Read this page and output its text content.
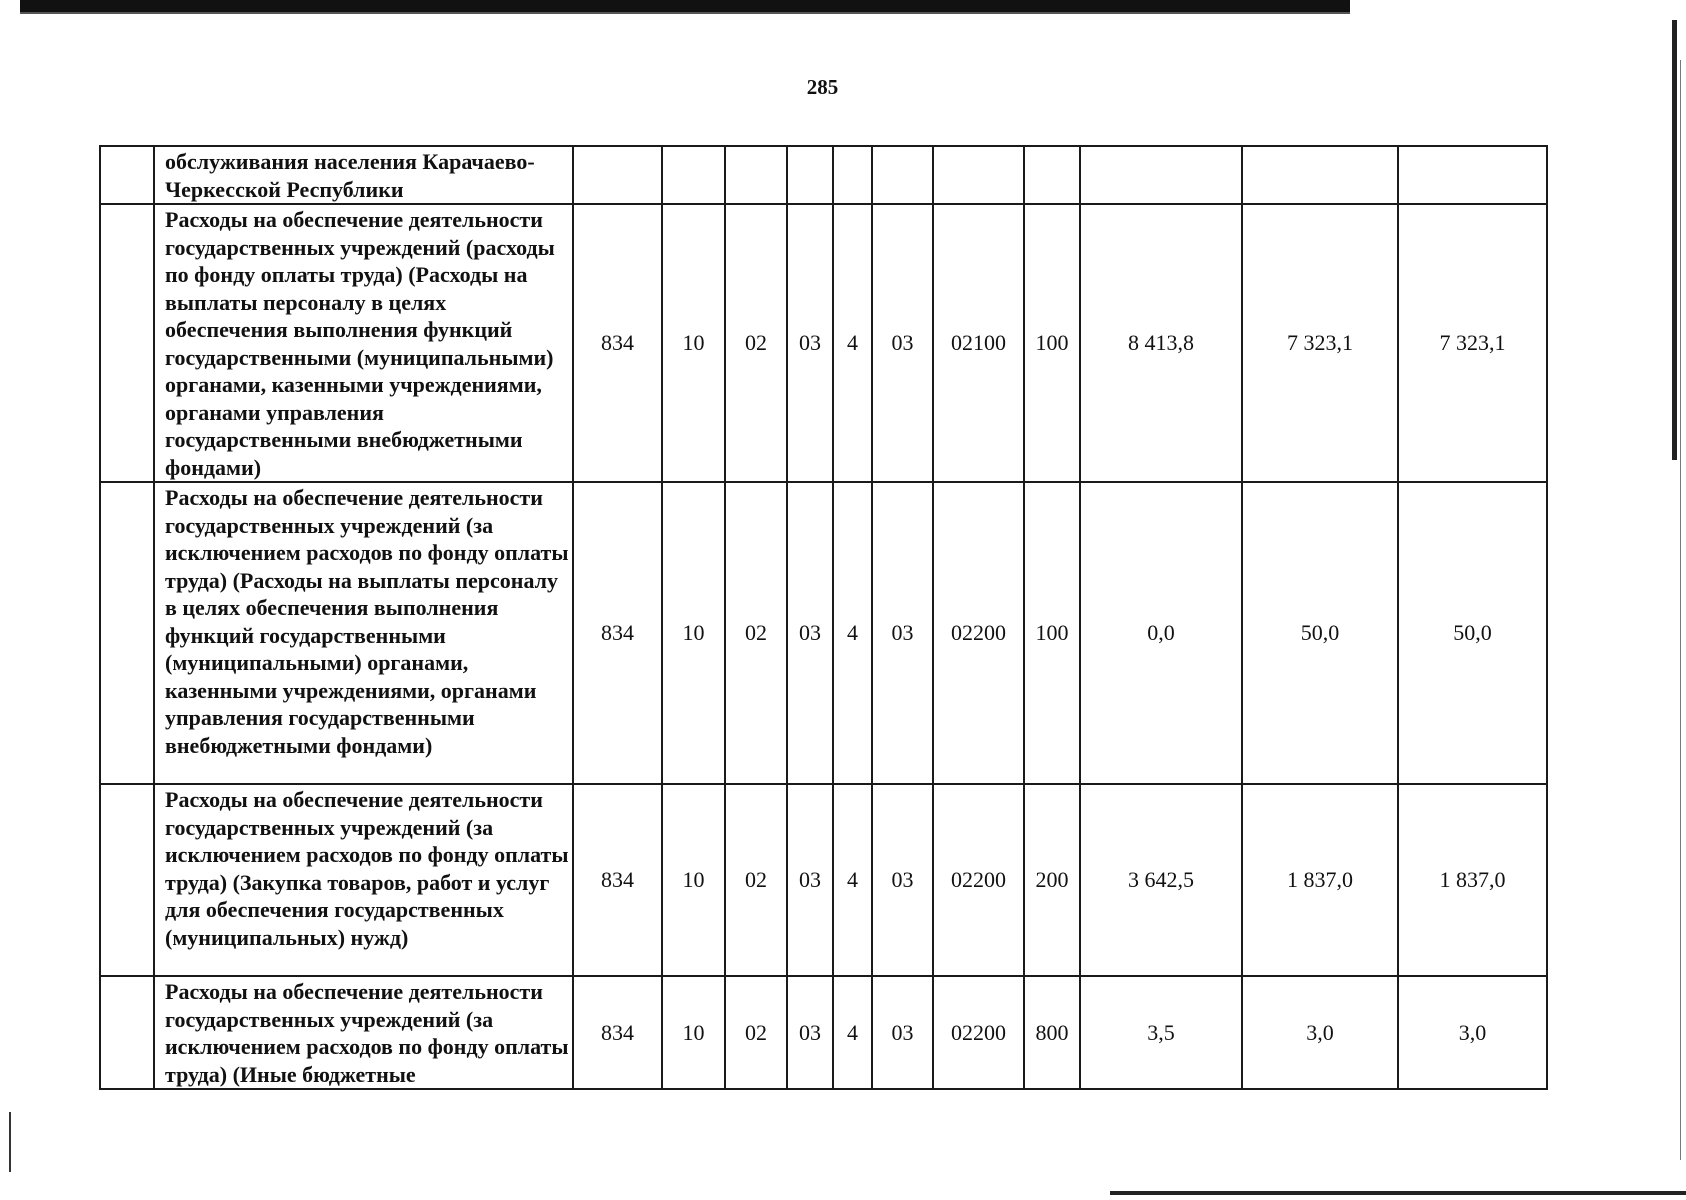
285
	обслуживания населения Карачаево-Черкесской Республики											
	Расходы на обеспечение деятельности государственных учреждений (расходы по фонду оплаты труда) (Расходы на выплаты персоналу в целях обеспечения выполнения функций государственными (муниципальными) органами, казенными учреждениями, органами управления государственными внебюджетными фондами)	834	10	02	03	4	03	02100	100	8 413,8	7 323,1	7 323,1
	Расходы на обеспечение деятельности государственных учреждений (за исключением расходов по фонду оплаты труда) (Расходы на выплаты персоналу в целях обеспечения выполнения функций государственными (муниципальными) органами, казенными учреждениями, органами управления государственными внебюджетными фондами)	834	10	02	03	4	03	02200	100	0,0	50,0	50,0
	Расходы на обеспечение деятельности государственных учреждений (за исключением расходов по фонду оплаты труда) (Закупка товаров, работ и услуг для обеспечения государственных (муниципальных) нужд)	834	10	02	03	4	03	02200	200	3 642,5	1 837,0	1 837,0
	Расходы на обеспечение деятельности государственных учреждений (за исключением расходов по фонду оплаты труда) (Иные бюджетные	834	10	02	03	4	03	02200	800	3,5	3,0	3,0
